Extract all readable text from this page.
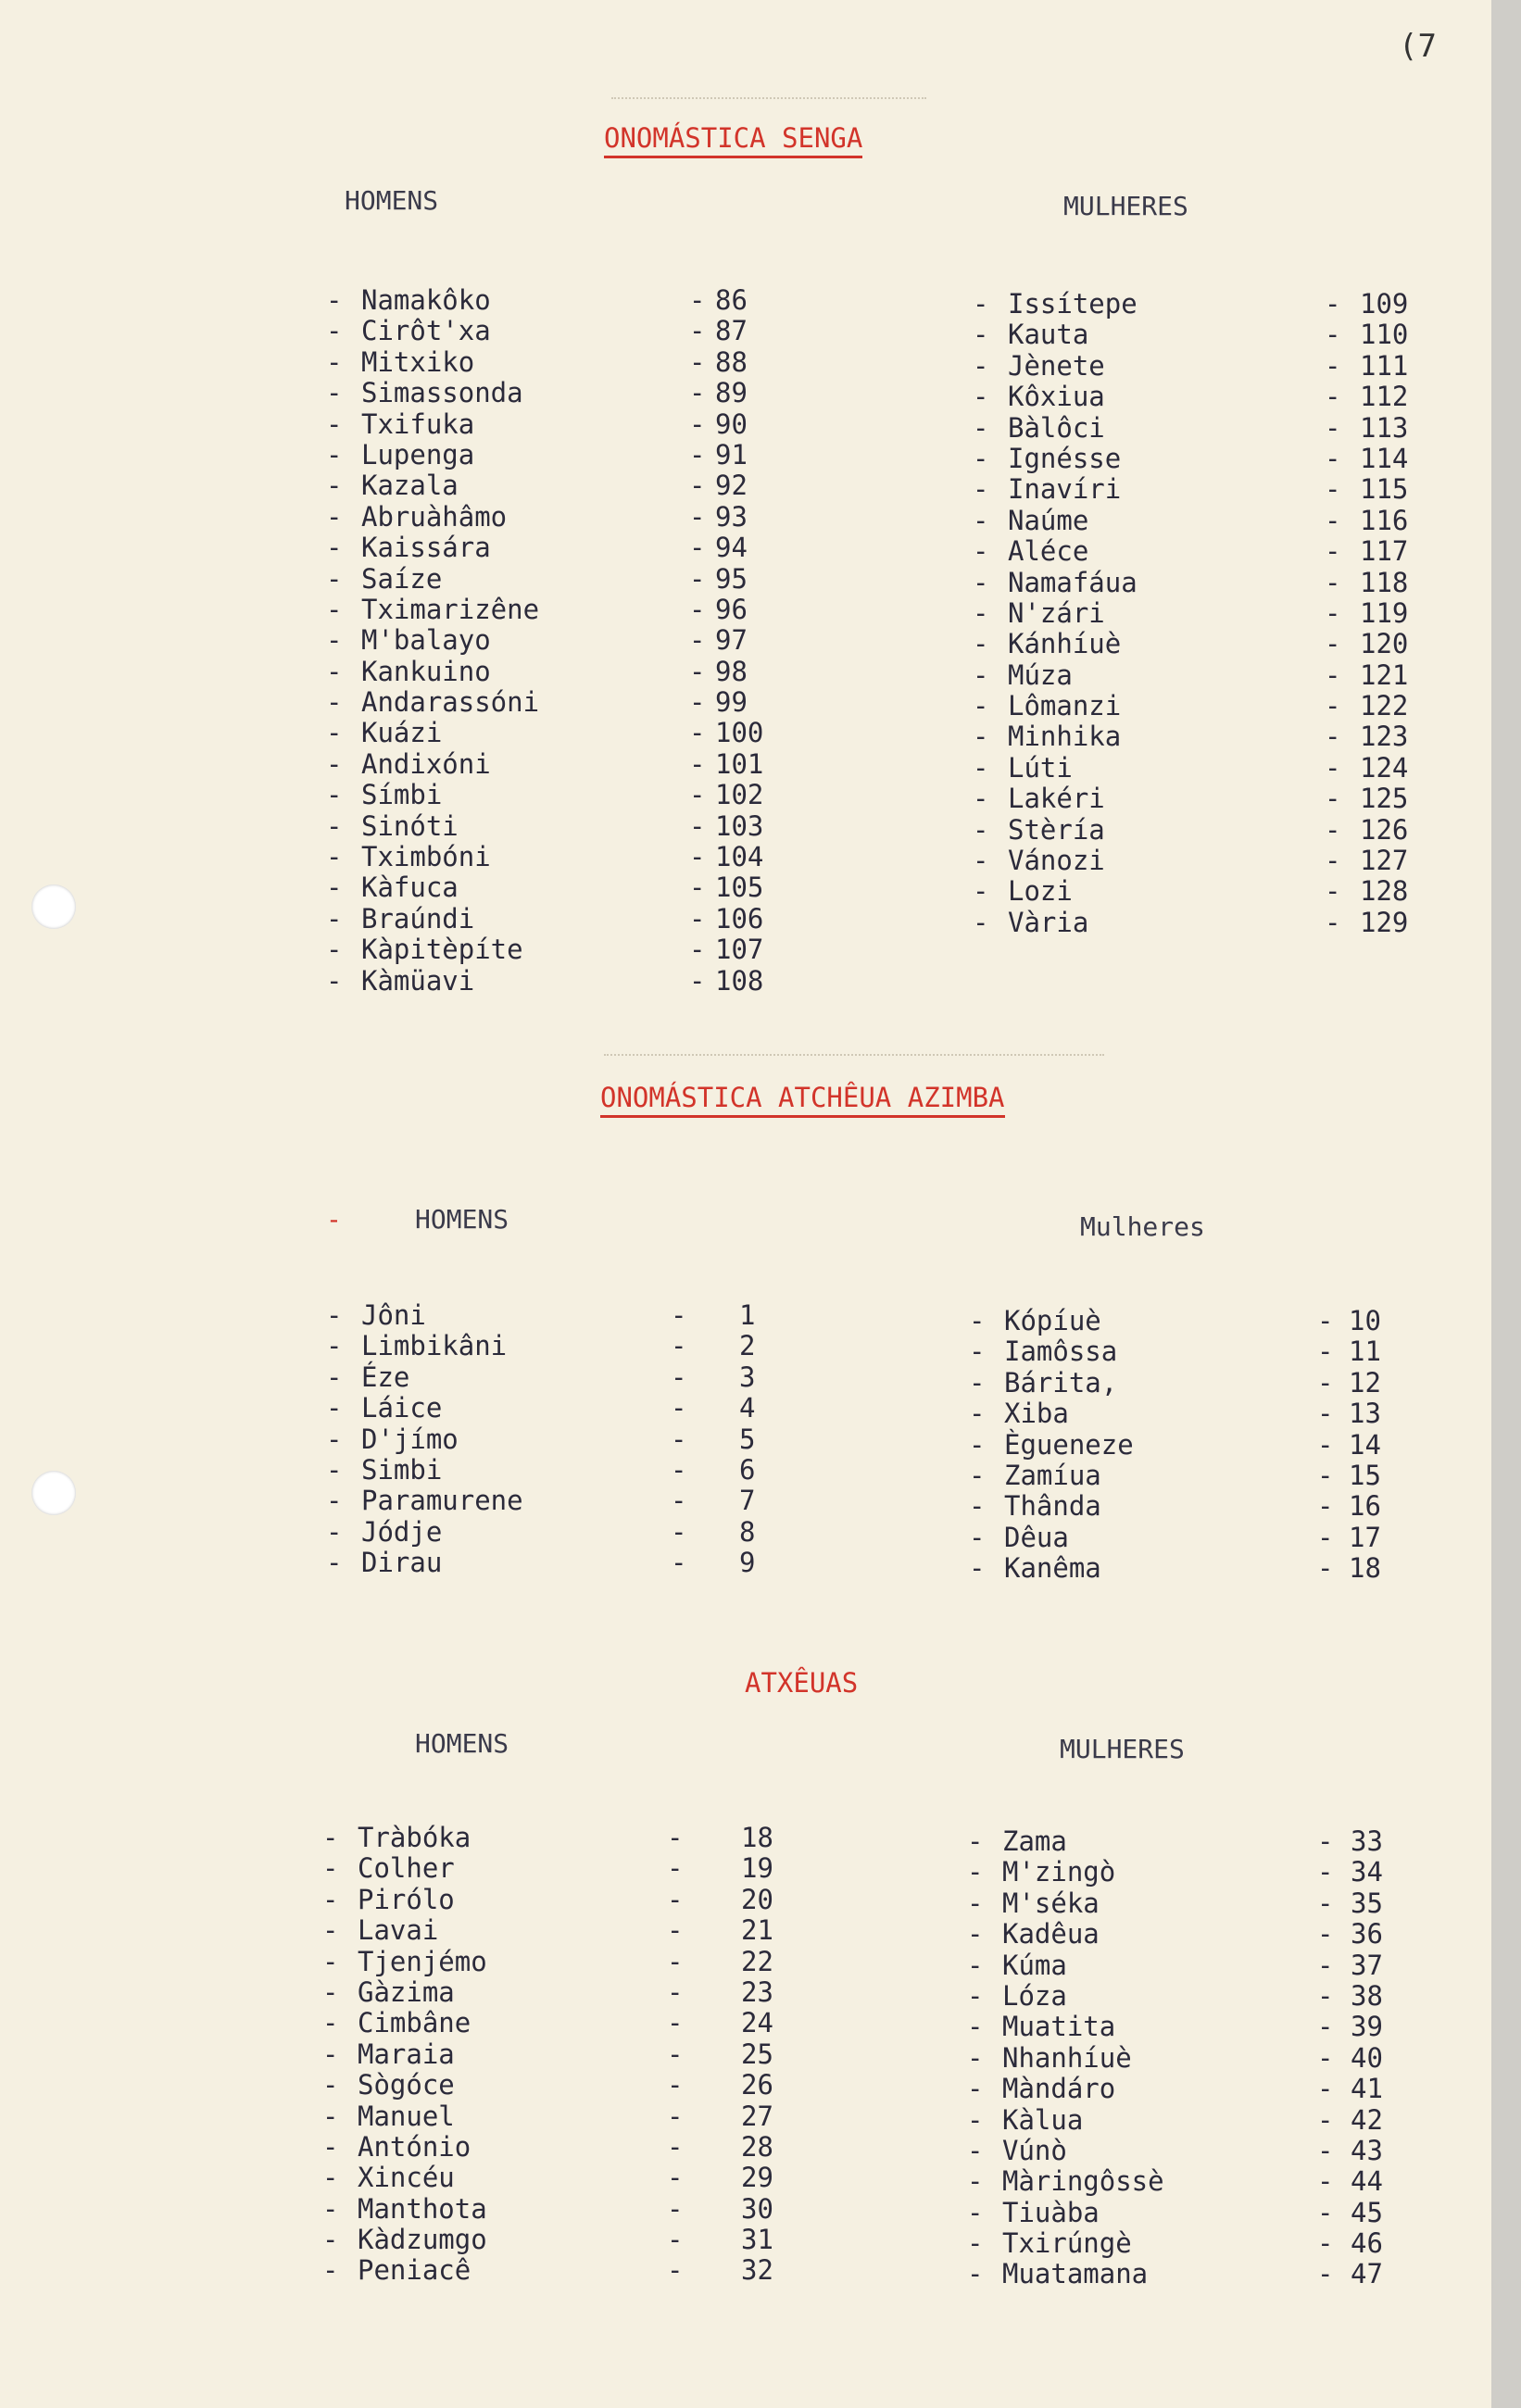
(7
ONOMÁSTICA SENGA
HOMENS	MULHERES
- Namakôko	- 86
- Cirôt'xa	- 87
- Mitxiko	- 88
- Simassonda	- 89
- Txifuka	- 90
- Lupenga	- 91
- Kazala	- 92
- Abruàhâmo	- 93
- Kaissára	- 94
- Saíze	- 95
- Tximarizêne	- 96
- M'balayo	- 97
- Kankuino	- 98
- Andarassóni	- 99
- Kuázi	- 100
- Andixóni	- 101
- Símbi	- 102
- Sinóti	- 103
- Tximbóni	- 104
- Kàfuca	- 105
- Braúndi	- 106
- Kàpitèpíte	- 107
- Kàmüavi	- 108
- Issítepe	- 109
- Kauta	- 110
- Jènete	- 111
- Kôxiua	- 112
- Bàlôci	- 113
- Ignésse	- 114
- Inavíri	- 115
- Naúme	- 116
- Aléce	- 117
- Namafáua	- 118
- N'zári	- 119
- Kánhíuè	- 120
- Múza	- 121
- Lômanzi	- 122
- Minhika	- 123
- Lúti	- 124
- Lakéri	- 125
- Stèría	- 126
- Vánozi	- 127
- Lozi	- 128
- Vària	- 129
ONOMÁSTICA ATCHÊUA AZIMBA
-	HOMENS	Mulheres
- Jôni	- 1
- Limbikâni	- 2
- Éze	- 3
- Láice	- 4
- D'jímo	- 5
- Simbi	- 6
- Paramurene	- 7
- Jódje	- 8
- Dirau	- 9
- Kópíuè	- 10
- Iamôssa	- 11
- Bárita,	- 12
- Xiba	- 13
- Ègueneze	- 14
- Zamíua	- 15
- Thânda	- 16
- Dêua	- 17
- Kanêma	- 18
ATXÊUAS
HOMENS	MULHERES
- Tràbóka	- 18
- Colher	- 19
- Pirólo	- 20
- Lavai	- 21
- Tjenjémo	- 22
- Gàzima	- 23
- Cimbâne	- 24
- Maraia	- 25
- Sògóce	- 26
- Manuel	- 27
- António	- 28
- Xincéu	- 29
- Manthota	- 30
- Kàdzumgo	- 31
- Peniacê	- 32
- Zama	- 33
- M'zingò	- 34
- M'séka	- 35
- Kadêua	- 36
- Kúma	- 37
- Lóza	- 38
- Muatita	- 39
- Nhanhíuè	- 40
- Màndáro	- 41
- Kàlua	- 42
- Vúnò	- 43
- Màringôssè	- 44
- Tiuàba	- 45
- Txirúngè	- 46
- Muatamana	- 47
